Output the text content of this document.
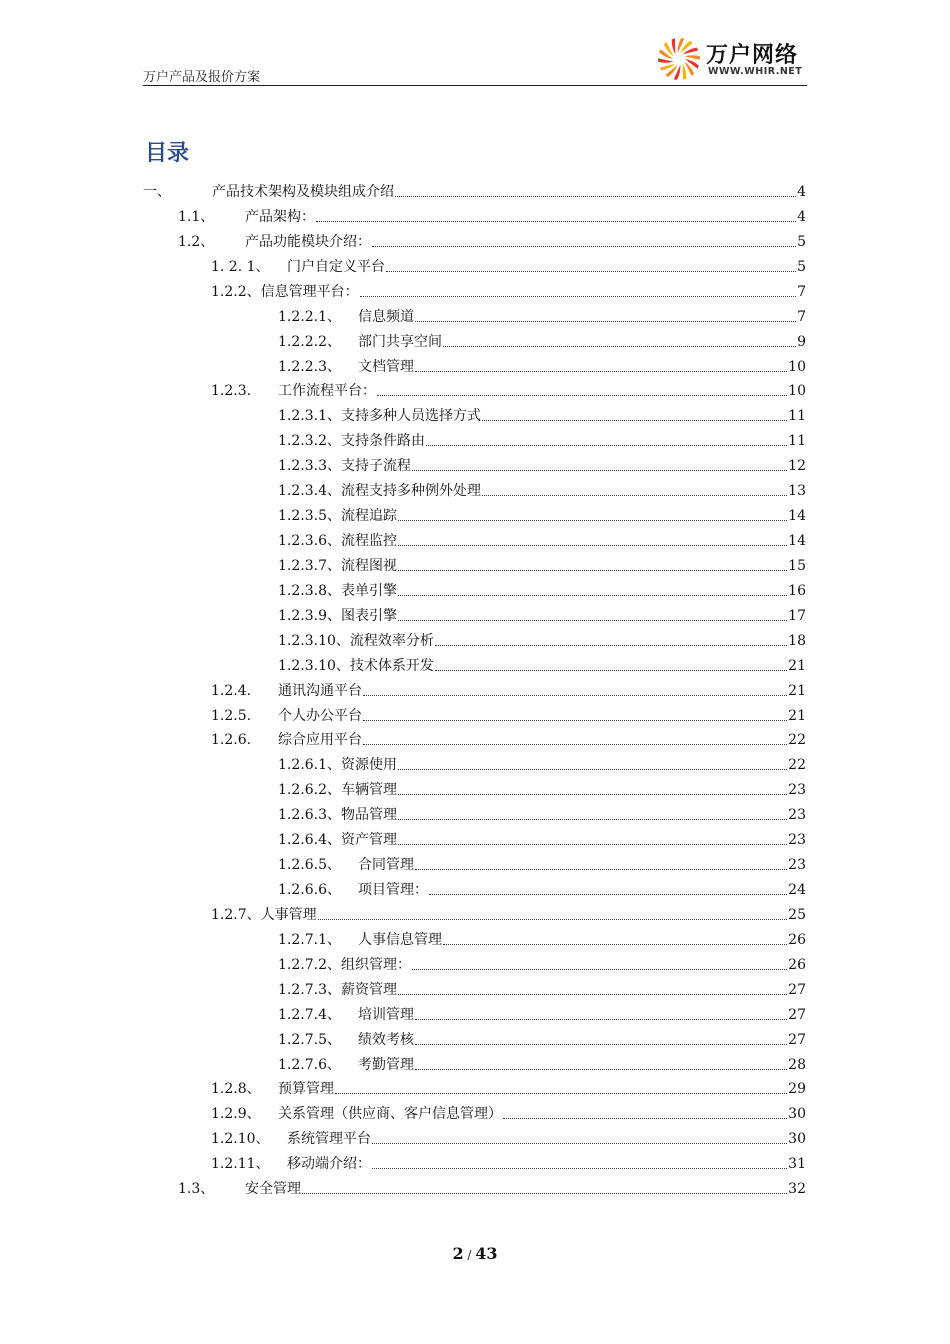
万户产品及报价方案
万户网络
WWW.WHIR.NET
目录
一、	产品技术架构及模块组成介绍	4
1.1、	产品架构：	4
1.2、	产品功能模块介绍：	5
1. 2. 1、	门户自定义平台	5
1.2.2、 信息管理平台：	7
1.2.2.1、	信息频道	7
1.2.2.2、	部门共享空间	9
1.2.2.3、	文档管理	10
1.2.3.	工作流程平台：	10
1.2.3.1、 支持多种人员选择方式	11
1.2.3.2、 支持条件路由	11
1.2.3.3、 支持子流程	12
1.2.3.4、 流程支持多种例外处理	13
1.2.3.5、 流程追踪	14
1.2.3.6、 流程监控	14
1.2.3.7、 流程图视	15
1.2.3.8、 表单引擎	16
1.2.3.9、 图表引擎	17
1.2.3.10、 流程效率分析	18
1.2.3.10、 技术体系开发	21
1.2.4.	通讯沟通平台	21
1.2.5.	个人办公平台	21
1.2.6.	综合应用平台	22
1.2.6.1、 资源使用	22
1.2.6.2、 车辆管理	23
1.2.6.3、 物品管理	23
1.2.6.4、 资产管理	23
1.2.6.5、	合同管理	23
1.2.6.6、	项目管理：	24
1.2.7、 人事管理	25
1.2.7.1、	人事信息管理	26
1.2.7.2、 组织管理：	26
1.2.7.3、 薪资管理	27
1.2.7.4、	培训管理	27
1.2.7.5、	绩效考核	27
1.2.7.6、	考勤管理	28
1.2.8、	预算管理	29
1.2.9、	关系管理（供应商、客户信息管理）	30
1.2.10、	系统管理平台	30
1.2.11、	移动端介绍：	31
1.3、	安全管理	32
2 / 43
